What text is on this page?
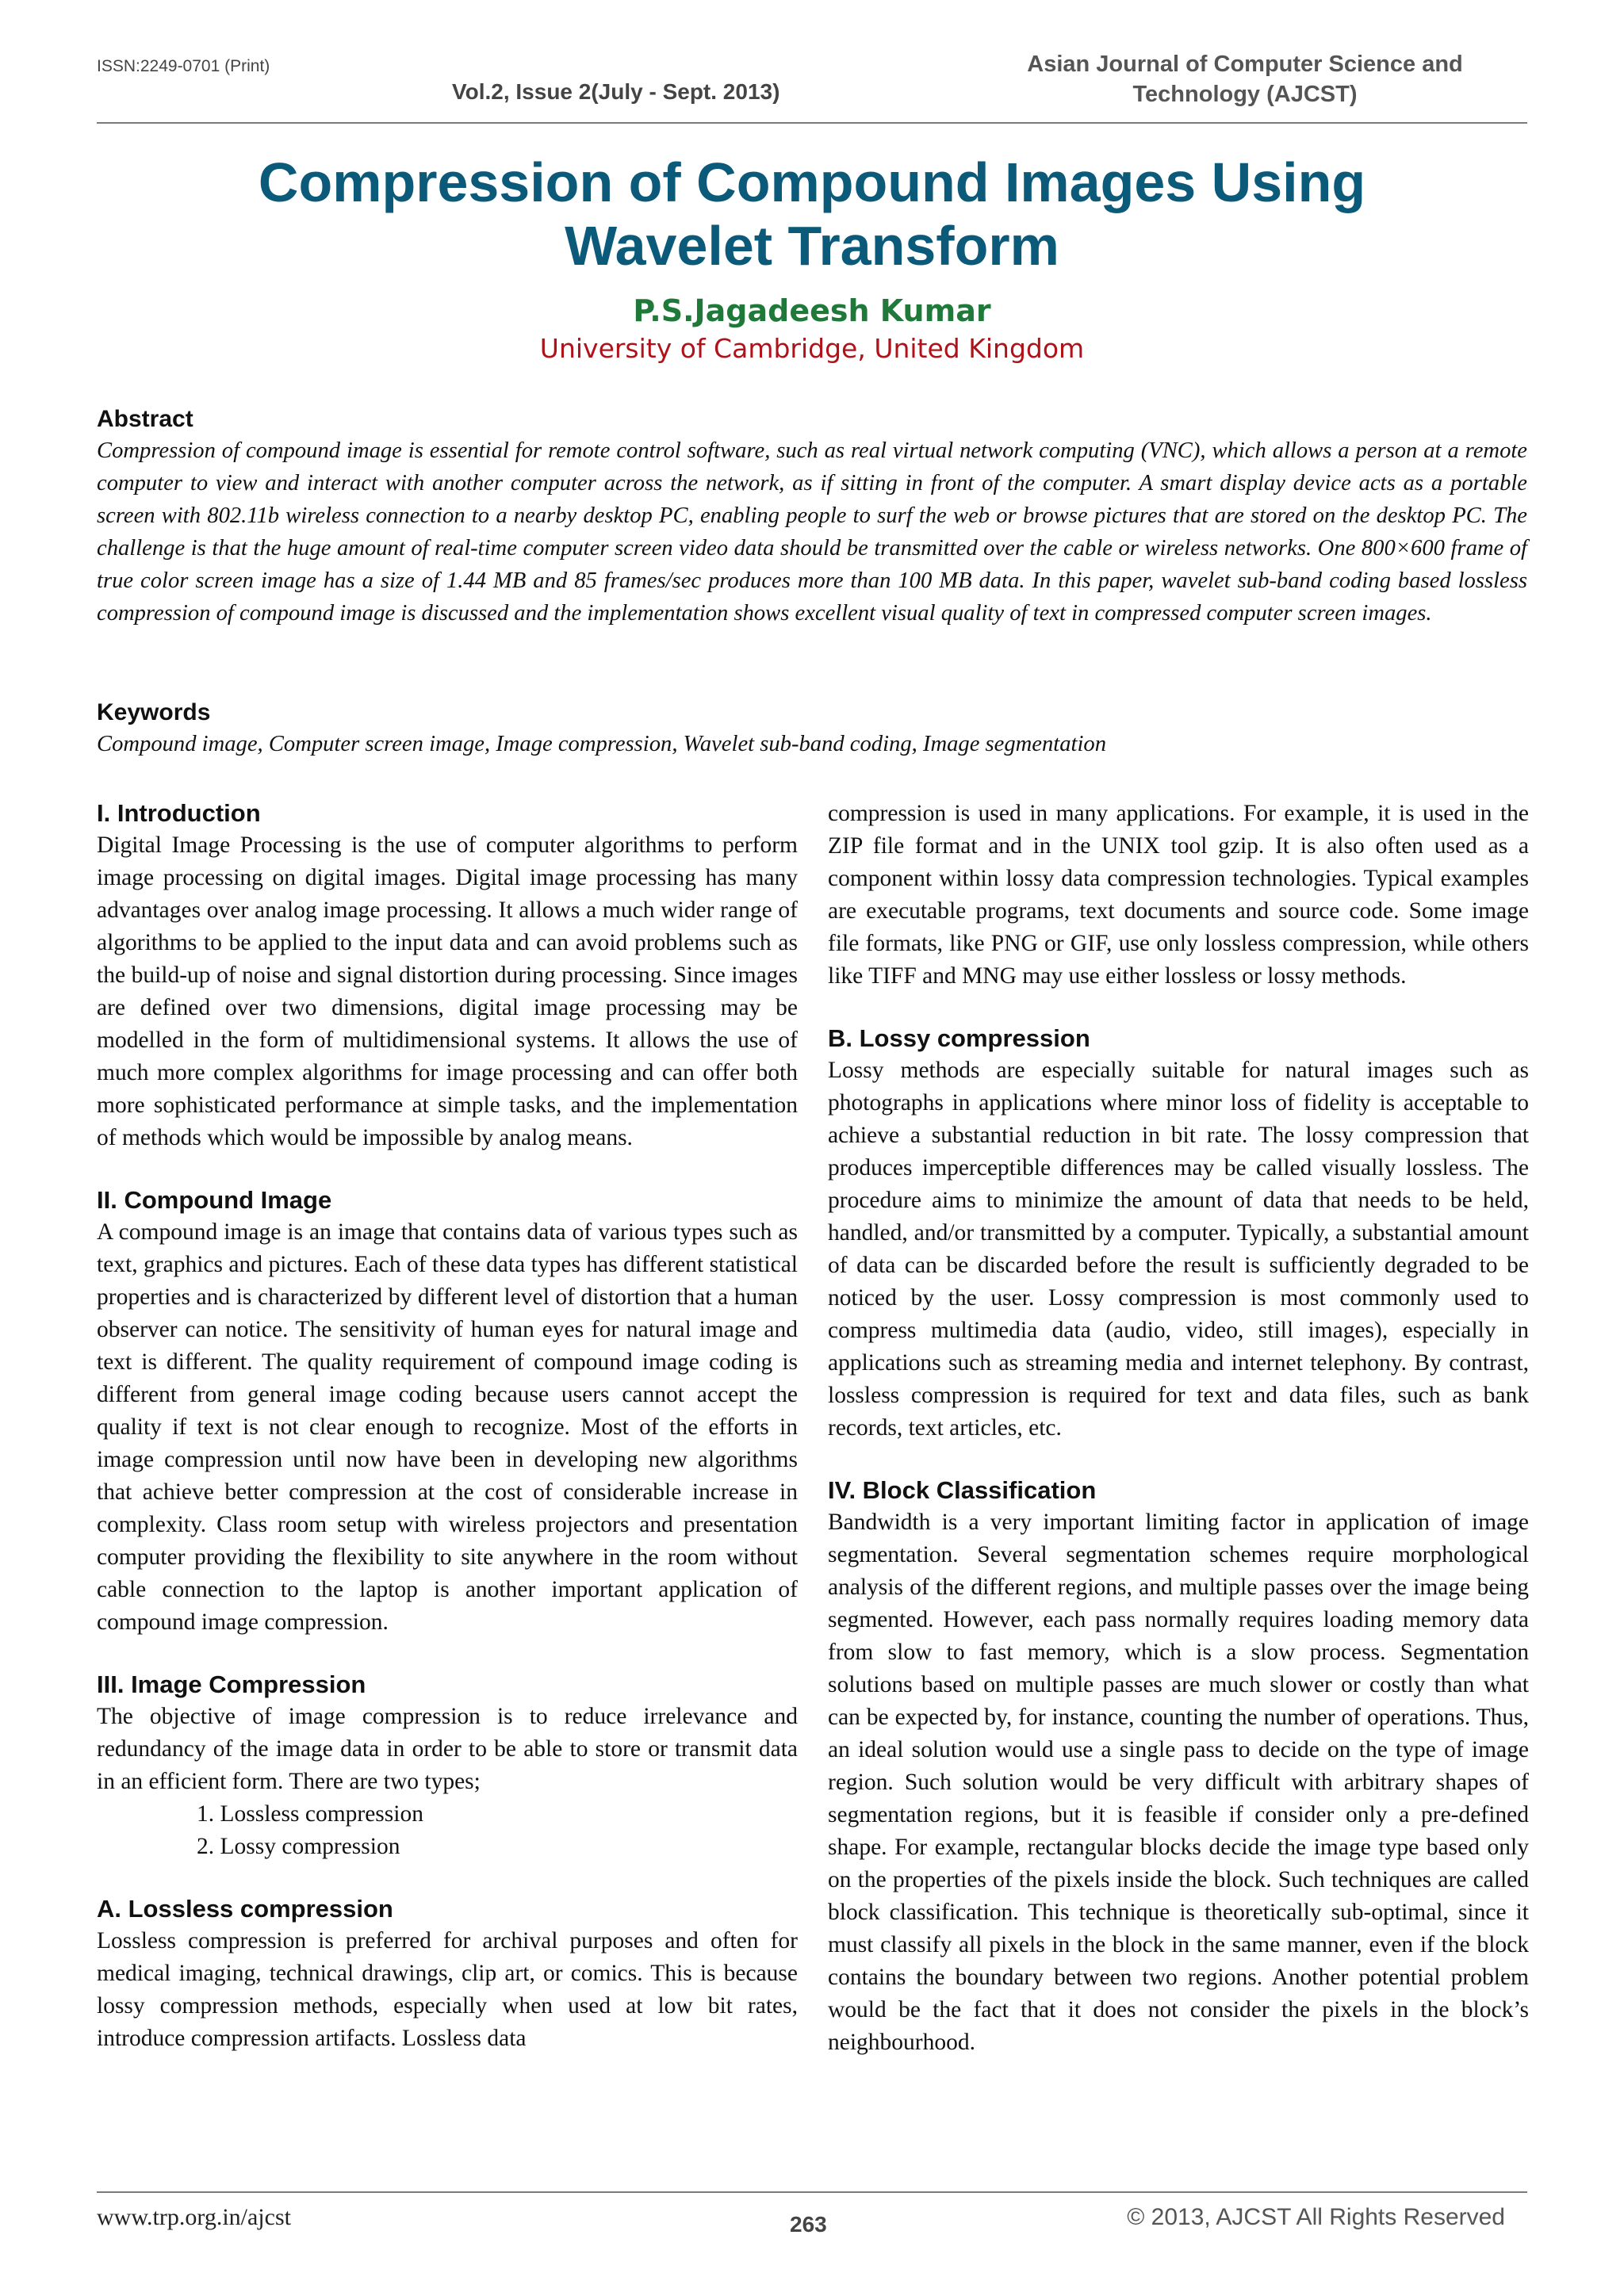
ISSN:2249-0701 (Print)
Vol.2, Issue 2(July - Sept. 2013)
Asian Journal of Computer Science and
Technology (AJCST)
Compression of Compound Images Using
Wavelet Transform
P.S.Jagadeesh Kumar
University of Cambridge, United Kingdom
Abstract
Compression of compound image is essential for remote control software, such as real virtual network computing (VNC), which allows a person at a remote computer to view and interact with another computer across the network, as if sitting in front of the computer. A smart display device acts as a portable screen with 802.11b wireless connection to a nearby desktop PC, enabling people to surf the web or browse pictures that are stored on the desktop PC. The challenge is that the huge amount of real-time computer screen video data should be transmitted over the cable or wireless networks. One 800×600 frame of true color screen image has a size of 1.44 MB and 85 frames/sec produces more than 100 MB data. In this paper, wavelet sub-band coding based lossless compression of compound image is discussed and the implementation shows excellent visual quality of text in compressed computer screen images.
Keywords
Compound image, Computer screen image, Image compression, Wavelet sub-band coding, Image segmentation
I. Introduction
Digital Image Processing is the use of computer algorithms to perform image processing on digital images. Digital image processing has many advantages over analog image processing. It allows a much wider range of algorithms to be applied to the input data and can avoid problems such as the build-up of noise and signal distortion during processing. Since images are defined over two dimensions, digital image processing may be modelled in the form of multidimensional systems. It allows the use of much more complex algorithms for image processing and can offer both more sophisticated performance at simple tasks, and the implementation of methods which would be impossible by analog means.
II. Compound Image
A compound image is an image that contains data of various types such as text, graphics and pictures. Each of these data types has different statistical properties and is characterized by different level of distortion that a human observer can notice. The sensitivity of human eyes for natural image and text is different. The quality requirement of compound image coding is different from general image coding because users cannot accept the quality if text is not clear enough to recognize. Most of the efforts in image compression until now have been in developing new algorithms that achieve better compression at the cost of considerable increase in complexity. Class room setup with wireless projectors and presentation computer providing the flexibility to site anywhere in the room without cable connection to the laptop is another important application of compound image compression.
III. Image Compression
The objective of image compression is to reduce irrelevance and redundancy of the image data in order to be able to store or transmit data in an efficient form. There are two types;
1. Lossless compression
2. Lossy compression
A. Lossless compression
Lossless compression is preferred for archival purposes and often for medical imaging, technical drawings, clip art, or comics. This is because lossy compression methods, especially when used at low bit rates, introduce compression artifacts. Lossless data
compression is used in many applications. For example, it is used in the ZIP file format and in the UNIX tool gzip. It is also often used as a component within lossy data compression technologies. Typical examples are executable programs, text documents and source code. Some image file formats, like PNG or GIF, use only lossless compression, while others like TIFF and MNG may use either lossless or lossy methods.
B. Lossy compression
Lossy methods are especially suitable for natural images such as photographs in applications where minor loss of fidelity is acceptable to achieve a substantial reduction in bit rate. The lossy compression that produces imperceptible differences may be called visually lossless. The procedure aims to minimize the amount of data that needs to be held, handled, and/or transmitted by a computer. Typically, a substantial amount of data can be discarded before the result is sufficiently degraded to be noticed by the user. Lossy compression is most commonly used to compress multimedia data (audio, video, still images), especially in applications such as streaming media and internet telephony. By contrast, lossless compression is required for text and data files, such as bank records, text articles, etc.
IV. Block Classification
Bandwidth is a very important limiting factor in application of image segmentation. Several segmentation schemes require morphological analysis of the different regions, and multiple passes over the image being segmented. However, each pass normally requires loading memory data from slow to fast memory, which is a slow process. Segmentation solutions based on multiple passes are much slower or costly than what can be expected by, for instance, counting the number of operations. Thus, an ideal solution would use a single pass to decide on the type of image region. Such solution would be very difficult with arbitrary shapes of segmentation regions, but it is feasible if consider only a pre-defined shape. For example, rectangular blocks decide the image type based only on the properties of the pixels inside the block. Such techniques are called block classification. This technique is theoretically sub-optimal, since it must classify all pixels in the block in the same manner, even if the block contains the boundary between two regions. Another potential problem would be the fact that it does not consider the pixels in the block’s neighbourhood.
www.trp.org.in/ajcst	263	© 2013, AJCST All Rights Reserved
